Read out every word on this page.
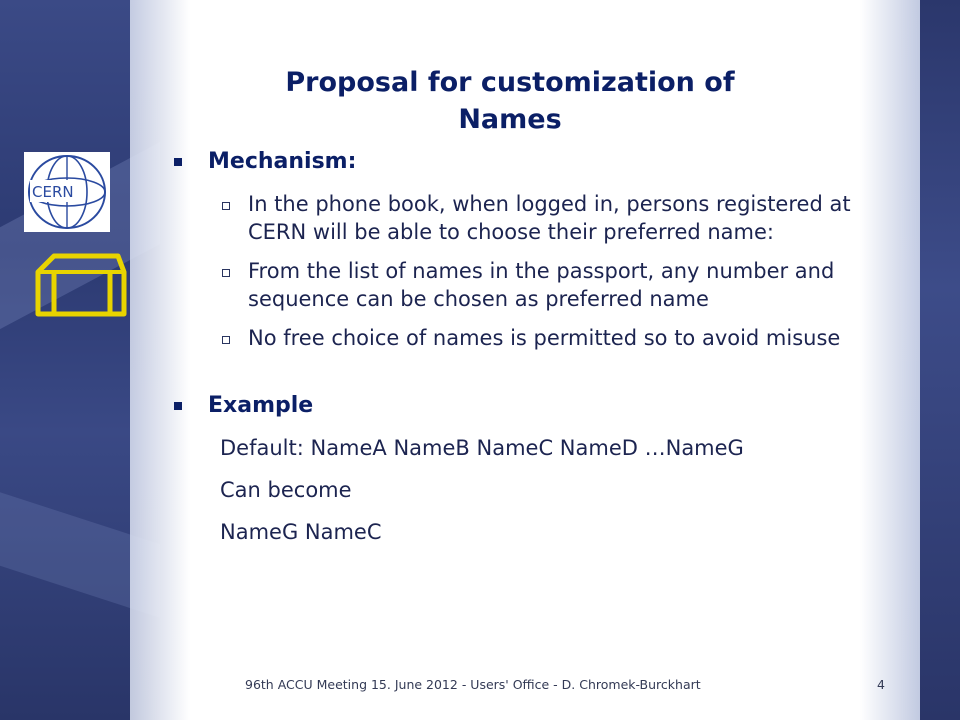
CERN
Proposal for customization of
Names
Mechanism:
In the phone book, when logged in, persons registered at CERN will be able to choose their preferred name:
From the list of names in the passport, any number and sequence can be chosen as preferred name
No free choice of names is permitted so to avoid misuse
Example
Default: NameA NameB NameC NameD …NameG
Can become
NameG NameC
96th ACCU Meeting 15. June 2012 - Users' Office - D. Chromek-Burckhart	4
